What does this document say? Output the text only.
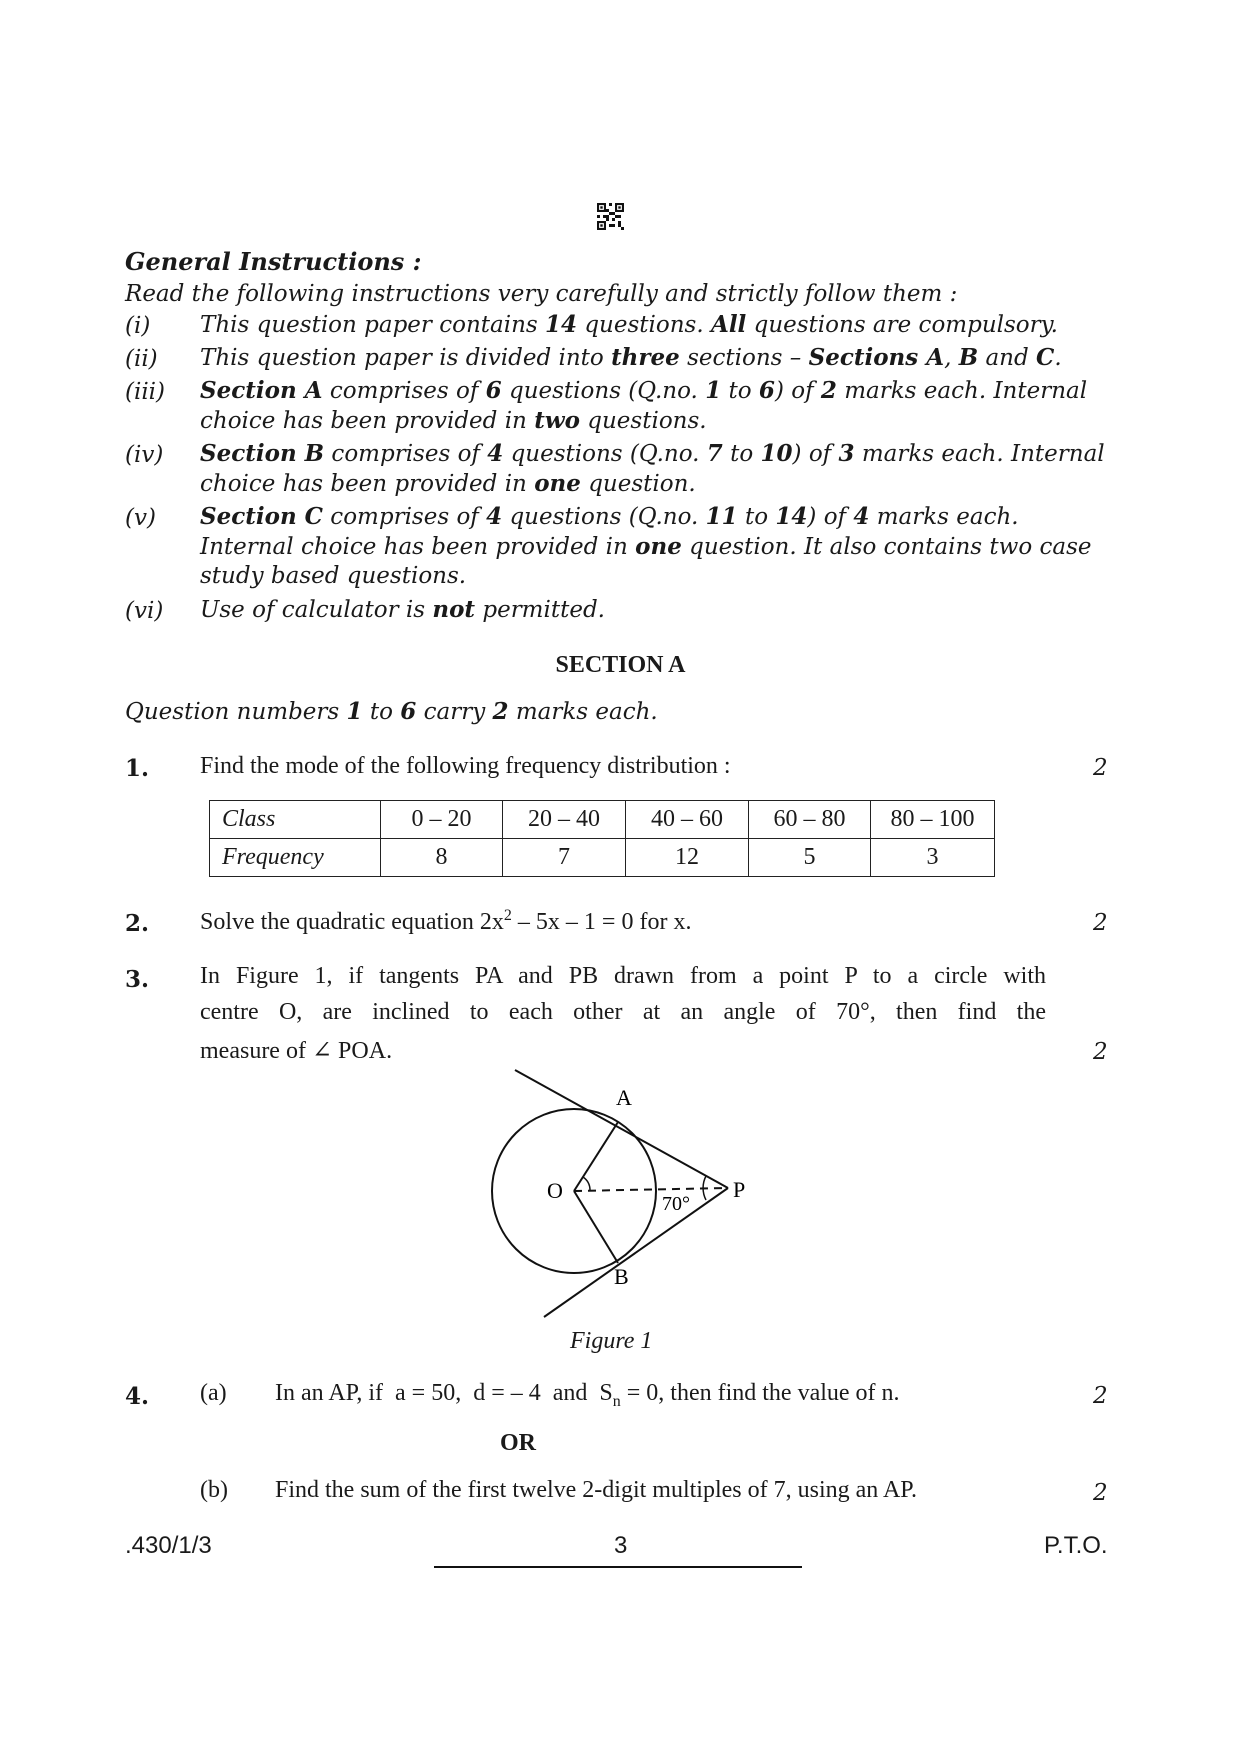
General Instructions :
Read the following instructions very carefully and strictly follow them :
(i) This question paper contains 14 questions. All questions are compulsory.
(ii) This question paper is divided into three sections – Sections A, B and C.
(iii) Section A comprises of 6 questions (Q.no. 1 to 6) of 2 marks each. Internal choice has been provided in two questions.
(iv) Section B comprises of 4 questions (Q.no. 7 to 10) of 3 marks each. Internal choice has been provided in one question.
(v) Section C comprises of 4 questions (Q.no. 11 to 14) of 4 marks each. Internal choice has been provided in one question. It also contains two case study based questions.
(vi) Use of calculator is not permitted.
SECTION A
Question numbers 1 to 6 carry 2 marks each.
1. Find the mode of the following frequency distribution :	2
Class	0 – 20	20 – 40	40 – 60	60 – 80	80 – 100
Frequency	8	7	12	5	3
2. Solve the quadratic equation $2x^2 - 5x - 1 = 0$ for x.	2
3. In Figure 1, if tangents PA and PB drawn from a point P to a circle with
centre O, are inclined to each other at an angle of 70°, then find the
measure of ∠ POA.	2
A
B
O	P
70°
Figure 1
4. (a) In an AP, if  a = 50,  d = – 4  and  $S_n = 0$, then find the value of n.	2
OR
(b) Find the sum of the first twelve 2-digit multiples of 7, using an AP.	2
.430/1/3	3	P.T.O.
